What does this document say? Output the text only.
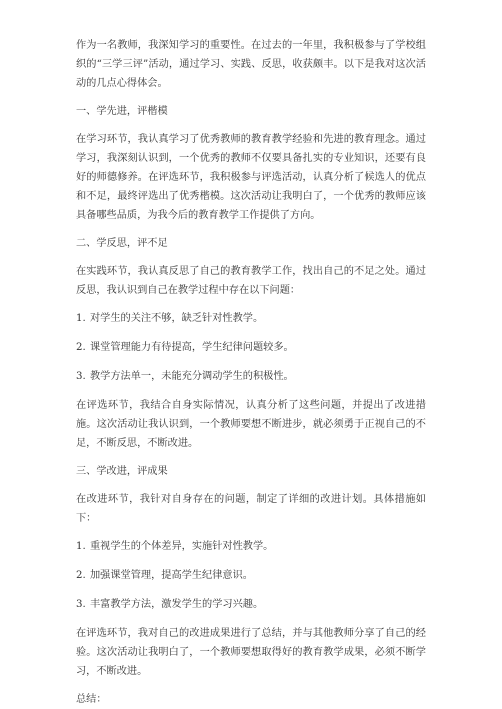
作为一名教师，我深知学习的重要性。在过去的一年里，我积极参与了学校组织的“三学三评”活动，通过学习、实践、反思，收获颇丰。以下是我对这次活动的几点心得体会。

一、学先进，评楷模

在学习环节，我认真学习了优秀教师的教育教学经验和先进的教育理念。通过学习，我深刻认识到，一个优秀的教师不仅要具备扎实的专业知识，还要有良好的师德修养。在评选环节，我积极参与评选活动，认真分析了候选人的优点和不足，最终评选出了优秀楷模。这次活动让我明白了，一个优秀的教师应该具备哪些品质，为我今后的教育教学工作提供了方向。

二、学反思，评不足

在实践环节，我认真反思了自己的教育教学工作，找出自己的不足之处。通过反思，我认识到自己在教学过程中存在以下问题：

1. 对学生的关注不够，缺乏针对性教学。
2. 课堂管理能力有待提高，学生纪律问题较多。
3. 教学方法单一，未能充分调动学生的积极性。

在评选环节，我结合自身实际情况，认真分析了这些问题，并提出了改进措施。这次活动让我认识到，一个教师要想不断进步，就必须勇于正视自己的不足，不断反思，不断改进。

三、学改进，评成果

在改进环节，我针对自身存在的问题，制定了详细的改进计划。具体措施如下：

1. 重视学生的个体差异，实施针对性教学。
2. 加强课堂管理，提高学生纪律意识。
3. 丰富教学方法，激发学生的学习兴趣。

在评选环节，我对自己的改进成果进行了总结，并与其他教师分享了自己的经验。这次活动让我明白了，一个教师要想取得好的教育教学成果，必须不断学习，不断改进。

总结：
